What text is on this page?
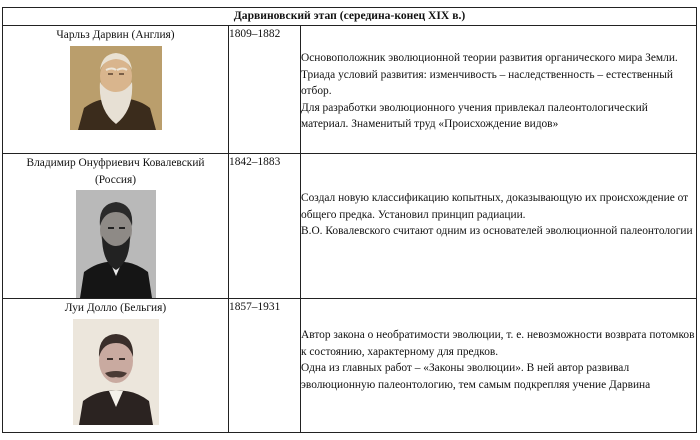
Дарвиновский этап (середина-конец XIX в.)		

Чарльз Дарвин (Англия)	1809–1882	Основоположник эволюционной теории развития органического мира Земли.

Триада условий развития: изменчивость – наследственность – естественный отбор.

Для разработки эволюционного учения привлекал палеонтологический материал. Знаменитый труд «Происхождение видов»

Владимир Онуфриевич Ковалевский (Россия)	1842–1883	Создал новую классификацию копытных, доказывающую их происхождение от общего предка. Установил принцип радиации.

В.О. Ковалевского считают одним из основателей эволюционной палеонтологии

Луи Долло (Бельгия)	1857–1931	Автор закона о необратимости эволюции, т. е. невозможности возврата потомков к состоянию, характерному для предков.

Одна из главных работ – «Законы эволюции». В ней автор развивал эволюционную палеонтологию, тем самым подкрепляя учение Дарвина
